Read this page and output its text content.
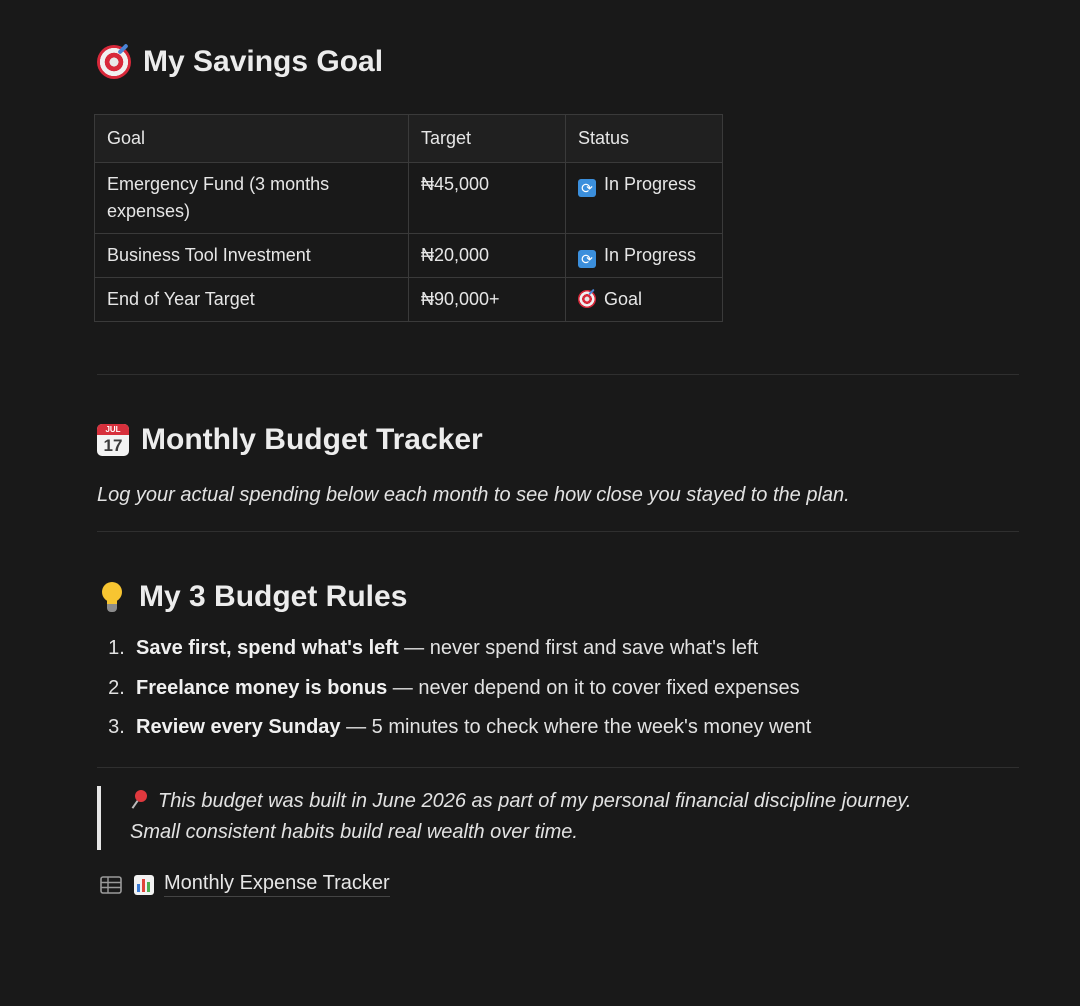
My Savings Goal
Goal	Target	Status
Emergency Fund (3 months expenses)	₦45,000	⟳ In Progress
Business Tool Investment	₦20,000	⟳ In Progress
End of Year Target	₦90,000+	Goal
JUL
17 Monthly Budget Tracker
Log your actual spending below each month to see how close you stayed to the plan.
My 3 Budget Rules
1. Save first, spend what's left — never spend first and save what's left
2. Freelance money is bonus — never depend on it to cover fixed expenses
3. Review every Sunday — 5 minutes to check where the week's money went
This budget was built in June 2026 as part of my personal financial discipline journey.
Small consistent habits build real wealth over time.
Monthly Expense Tracker
